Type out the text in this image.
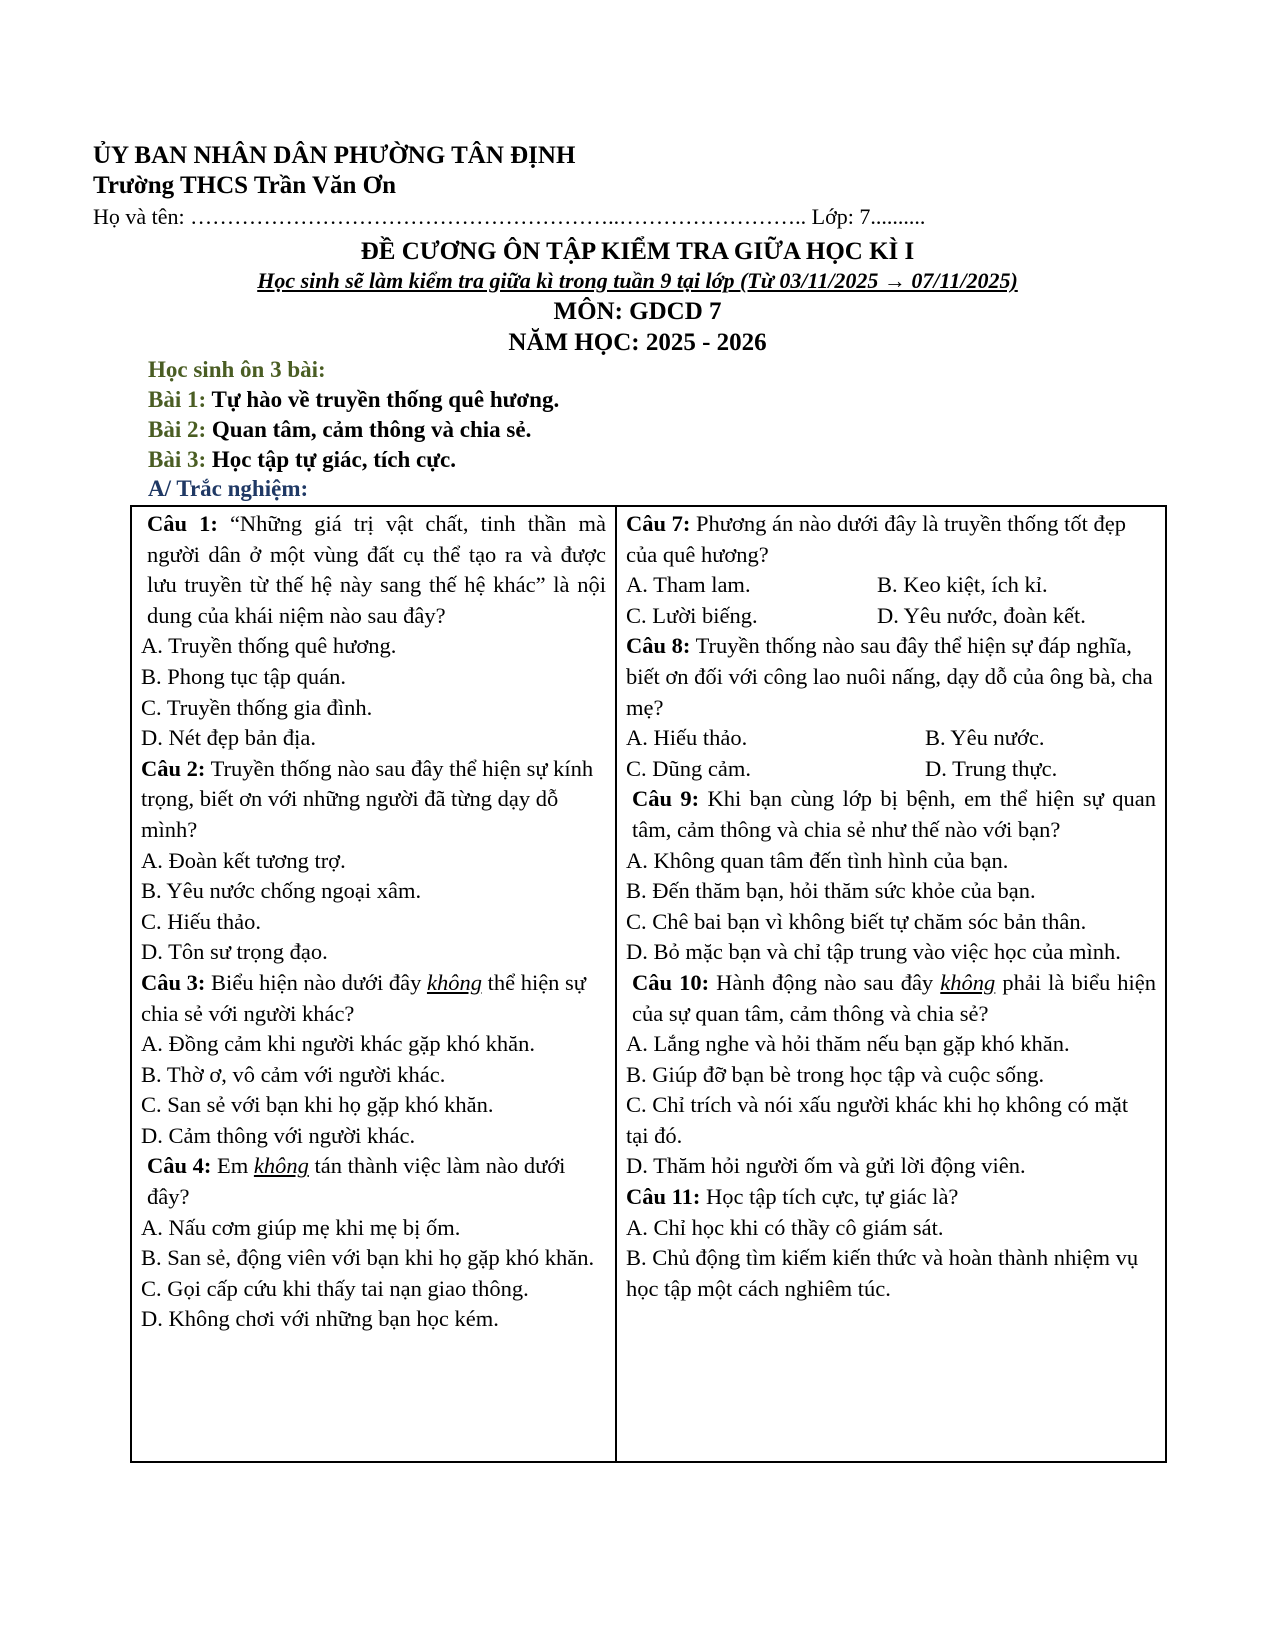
ỦY BAN NHÂN DÂN PHƯỜNG TÂN ĐỊNH
Trường THCS Trần Văn Ơn
Họ và tên: …………………………………………………..…………………….. Lớp: 7..........
ĐỀ CƯƠNG ÔN TẬP KIỂM TRA GIỮA HỌC KÌ I
Học sinh sẽ làm kiểm tra giữa kì trong tuần 9 tại lớp (Từ 03/11/2025 → 07/11/2025)
MÔN: GDCD 7
NĂM HỌC: 2025 - 2026
Học sinh ôn 3 bài:
Bài 1: Tự hào về truyền thống quê hương.
Bài 2: Quan tâm, cảm thông và chia sẻ.
Bài 3: Học tập tự giác, tích cực.
A/ Trắc nghiệm:

Câu 1: “Những giá trị vật chất, tinh thần mà người dân ở một vùng đất cụ thể tạo ra và được lưu truyền từ thế hệ này sang thế hệ khác” là nội dung của khái niệm nào sau đây?

A. Truyền thống quê hương.

B. Phong tục tập quán.

C. Truyền thống gia đình.

D. Nét đẹp bản địa.

Câu 2: Truyền thống nào sau đây thể hiện sự kính trọng, biết ơn với những người đã từng dạy dỗ mình?

A. Đoàn kết tương trợ.

B. Yêu nước chống ngoại xâm.

C. Hiếu thảo.

D. Tôn sư trọng đạo.

Câu 3: Biểu hiện nào dưới đây không thể hiện sự chia sẻ với người khác?

A. Đồng cảm khi người khác gặp khó khăn.

B. Thờ ơ, vô cảm với người khác.

C. San sẻ với bạn khi họ gặp khó khăn.

D. Cảm thông với người khác.

Câu 4: Em không tán thành việc làm nào dưới đây?

A. Nấu cơm giúp mẹ khi mẹ bị ốm.

B. San sẻ, động viên với bạn khi họ gặp khó khăn.

C. Gọi cấp cứu khi thấy tai nạn giao thông.

D. Không chơi với những bạn học kém.

Câu 7: Phương án nào dưới đây là truyền thống tốt đẹp của quê hương?

A. Tham lam.	B. Keo kiệt, ích kỉ.
C. Lười biếng.	D. Yêu nước, đoàn kết.

Câu 8: Truyền thống nào sau đây thể hiện sự đáp nghĩa, biết ơn đối với công lao nuôi nấng, dạy dỗ của ông bà, cha mẹ?

A. Hiếu thảo.	B. Yêu nước.
C. Dũng cảm.	D. Trung thực.

Câu 9: Khi bạn cùng lớp bị bệnh, em thể hiện sự quan tâm, cảm thông và chia sẻ như thế nào với bạn?

A. Không quan tâm đến tình hình của bạn.

B. Đến thăm bạn, hỏi thăm sức khỏe của bạn.

C. Chê bai bạn vì không biết tự chăm sóc bản thân.

D. Bỏ mặc bạn và chỉ tập trung vào việc học của mình.

Câu 10: Hành động nào sau đây không phải là biểu hiện của sự quan tâm, cảm thông và chia sẻ?

A. Lắng nghe và hỏi thăm nếu bạn gặp khó khăn.

B. Giúp đỡ bạn bè trong học tập và cuộc sống.

C. Chỉ trích và nói xấu người khác khi họ không có mặt tại đó.

D. Thăm hỏi người ốm và gửi lời động viên.

Câu 11: Học tập tích cực, tự giác là?

A. Chỉ học khi có thầy cô giám sát.

B. Chủ động tìm kiếm kiến thức và hoàn thành nhiệm vụ học tập một cách nghiêm túc.
